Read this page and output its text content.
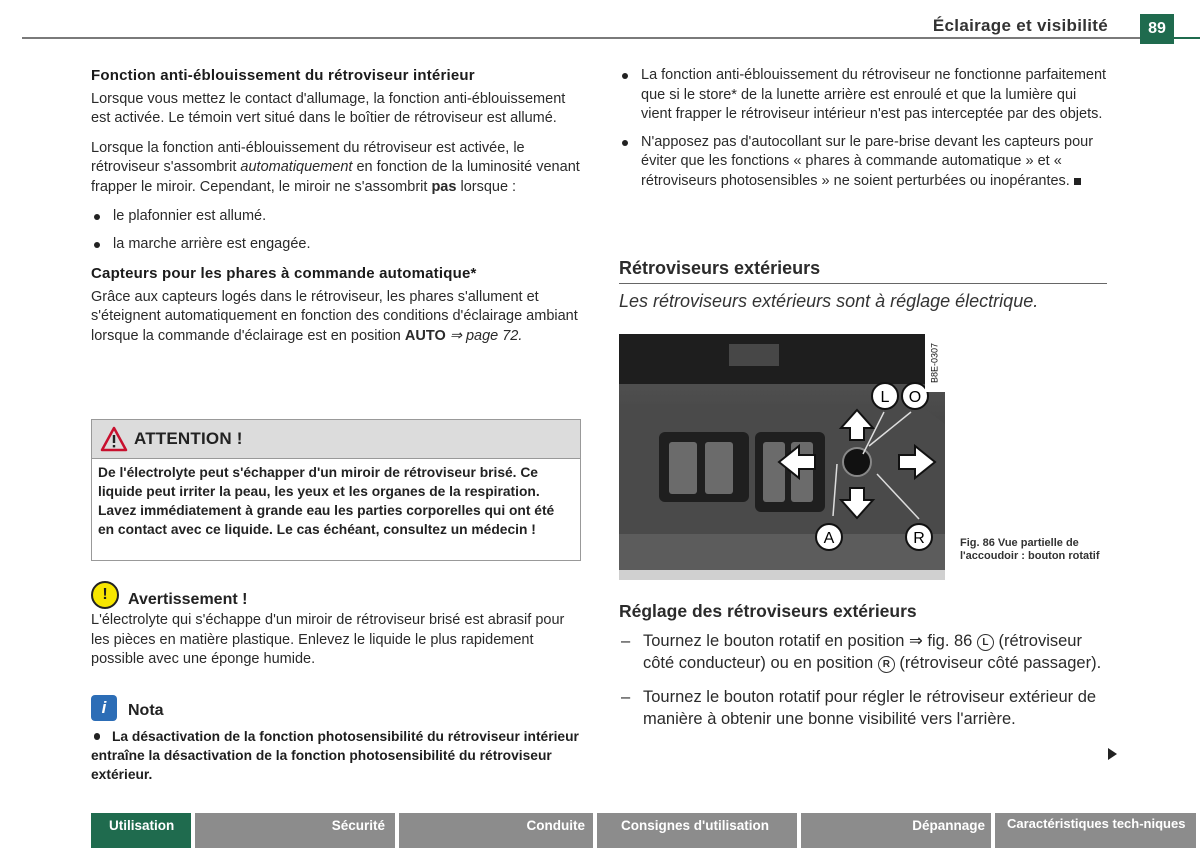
Éclairage et visibilité	89
Fonction anti-éblouissement du rétroviseur intérieur

Lorsque vous mettez le contact d'allumage, la fonction anti-éblouissement est activée. Le témoin vert situé dans le boîtier de rétroviseur est allumé.

Lorsque la fonction anti-éblouissement du rétroviseur est activée, le rétroviseur s'assombrit automatiquement en fonction de la luminosité venant frapper le miroir. Cependant, le miroir ne s'assombrit pas lorsque :

le plafonnier est allumé.
la marche arrière est engagée.
Capteurs pour les phares à commande automatique*

Grâce aux capteurs logés dans le rétroviseur, les phares s'allument et s'éteignent automatiquement en fonction des conditions d'éclairage ambiant lorsque la commande d'éclairage est en position AUTO ⇒ page 72.

ATTENTION !
De l'électrolyte peut s'échapper d'un miroir de rétroviseur brisé. Ce liquide peut irriter la peau, les yeux et les organes de la respiration. Lavez immédiatement à grande eau les parties corporelles qui ont été en contact avec ce liquide. Le cas échéant, consultez un médecin !
!	Avertissement !
L'électrolyte qui s'échappe d'un miroir de rétroviseur brisé est abrasif pour les pièces en matière plastique. Enlevez le liquide le plus rapidement possible avec une éponge humide.
i	Nota
La désactivation de la fonction photosensibilité du rétroviseur intérieur entraîne la désactivation de la fonction photosensibilité du rétroviseur extérieur.
La fonction anti-éblouissement du rétroviseur ne fonctionne parfaitement que si le store* de la lunette arrière est enroulé et que la lumière qui vient frapper le rétroviseur intérieur n'est pas interceptée par des objets.
N'apposez pas d'autocollant sur le pare-brise devant les capteurs pour éviter que les fonctions « phares à commande automatique » et « rétroviseurs photosensibles » ne soient perturbées ou inopérantes.
Rétroviseurs extérieurs
Les rétroviseurs extérieurs sont à réglage électrique.
L O
A	R
B8E-0307
Fig. 86 Vue partielle de l'accoudoir : bouton rotatif
Réglage des rétroviseurs extérieurs
– Tournez le bouton rotatif en position ⇒ fig. 86 L (rétroviseur côté conducteur) ou en position R (rétroviseur côté passager).
– Tournez le bouton rotatif pour régler le rétroviseur extérieur de manière à obtenir une bonne visibilité vers l'arrière.
Utilisation	Sécurité	Conduite	Consignes d'utilisation	Dépannage	Caractéristiques tech-niques
